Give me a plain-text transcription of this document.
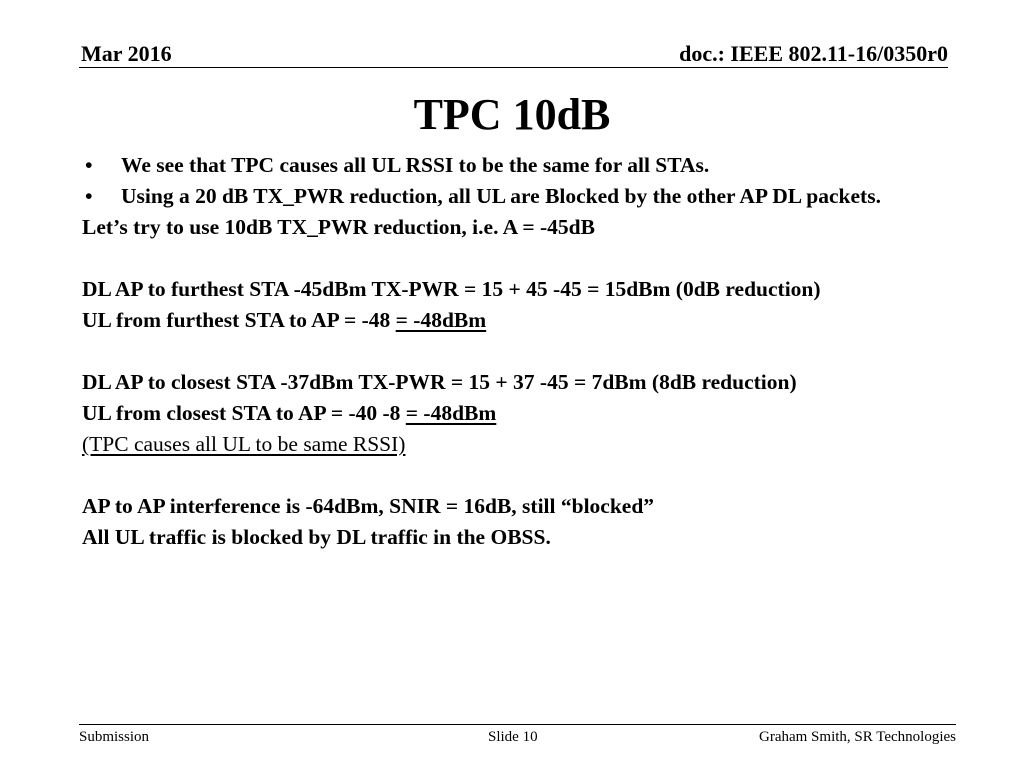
Mar 2016	doc.: IEEE 802.11-16/0350r0
TPC 10dB
• We see that TPC causes all UL RSSI to be the same for all STAs.
• Using a 20 dB TX_PWR reduction, all UL are Blocked by the other AP DL packets.
Let’s try to use 10dB TX_PWR reduction, i.e. A = -45dB
DL AP to furthest STA -45dBm TX-PWR = 15 + 45 -45 = 15dBm (0dB reduction)
UL from furthest STA to AP = -48 = -48dBm
DL AP to closest STA -37dBm TX-PWR = 15 + 37 -45 = 7dBm (8dB reduction)
UL from closest STA to AP = -40 -8 = -48dBm
(TPC causes all UL to be same RSSI)
AP to AP interference is -64dBm, SNIR = 16dB, still “blocked”
All UL traffic is blocked by DL traffic in the OBSS.
Submission	Slide 10	Graham Smith, SR Technologies
